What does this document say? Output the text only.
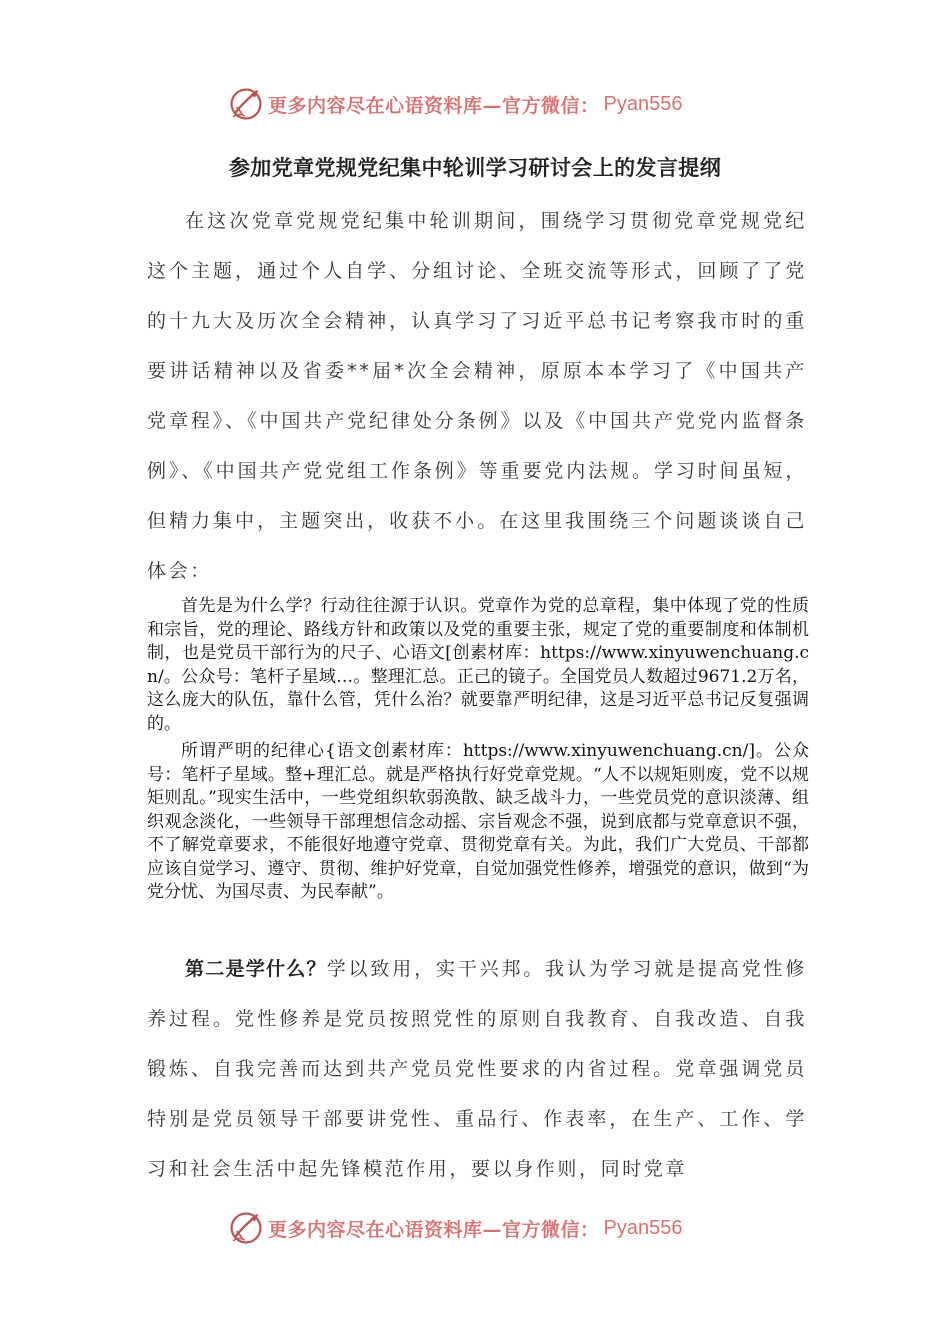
更多内容尽在心语资料库—官方微信： Pyan556
参加党章党规党纪集中轮训学习研讨会上的发言提纲

在这次党章党规党纪集中轮训期间，围绕学习贯彻党章党规党纪这个主题，通过个人自学、分组讨论、全班交流等形式，回顾了了党的十九大及历次全会精神，认真学习了习近平总书记考察我市时的重要讲话精神以及省委**届*次全会精神，原原本本学习了《中国共产党章程》、《中国共产党纪律处分条例》以及《中国共产党党内监督条例》、《中国共产党党组工作条例》等重要党内法规。学习时间虽短，但精力集中，主题突出，收获不小。在这里我围绕三个问题谈谈自己体会：

首先是为什么学？行动往往源于认识。党章作为党的总章程，集中体现了党的性质和宗旨，党的理论、路线方针和政策以及党的重要主张，规定了党的重要制度和体制机制，也是党员干部行为的尺子、心语文[创素材库：https://www.xinyuwenchuang.cn/。公众号：笔杆子星域…。整理汇总。正己的镜子。全国党员人数超过9671.2万名，这么庞大的队伍，靠什么管，凭什么治？就要靠严明纪律，这是习近平总书记反复强调的。

所谓严明的纪律心{语文创素材库：https://www.xinyuwenchuang.cn/]。公众号：笔杆子星域。整+理汇总。就是严格执行好党章党规。“人不以规矩则废，党不以规矩则乱。”现实生活中，一些党组织软弱涣散、缺乏战斗力，一些党员党的意识淡薄、组织观念淡化，一些领导干部理想信念动摇、宗旨观念不强，说到底都与党章意识不强，不了解党章要求，不能很好地遵守党章、贯彻党章有关。为此，我们广大党员、干部都应该自觉学习、遵守、贯彻、维护好党章，自觉加强党性修养，增强党的意识，做到“为党分忧、为国尽责、为民奉献”。

第二是学什么？学以致用，实干兴邦。我认为学习就是提高党性修养过程。党性修养是党员按照党性的原则自我教育、自我改造、自我锻炼、自我完善而达到共产党员党性要求的内省过程。党章强调党员特别是党员领导干部要讲党性、重品行、作表率，在生产、工作、学习和社会生活中起先锋模范作用，要以身作则，同时党章

更多内容尽在心语资料库—官方微信： Pyan556
